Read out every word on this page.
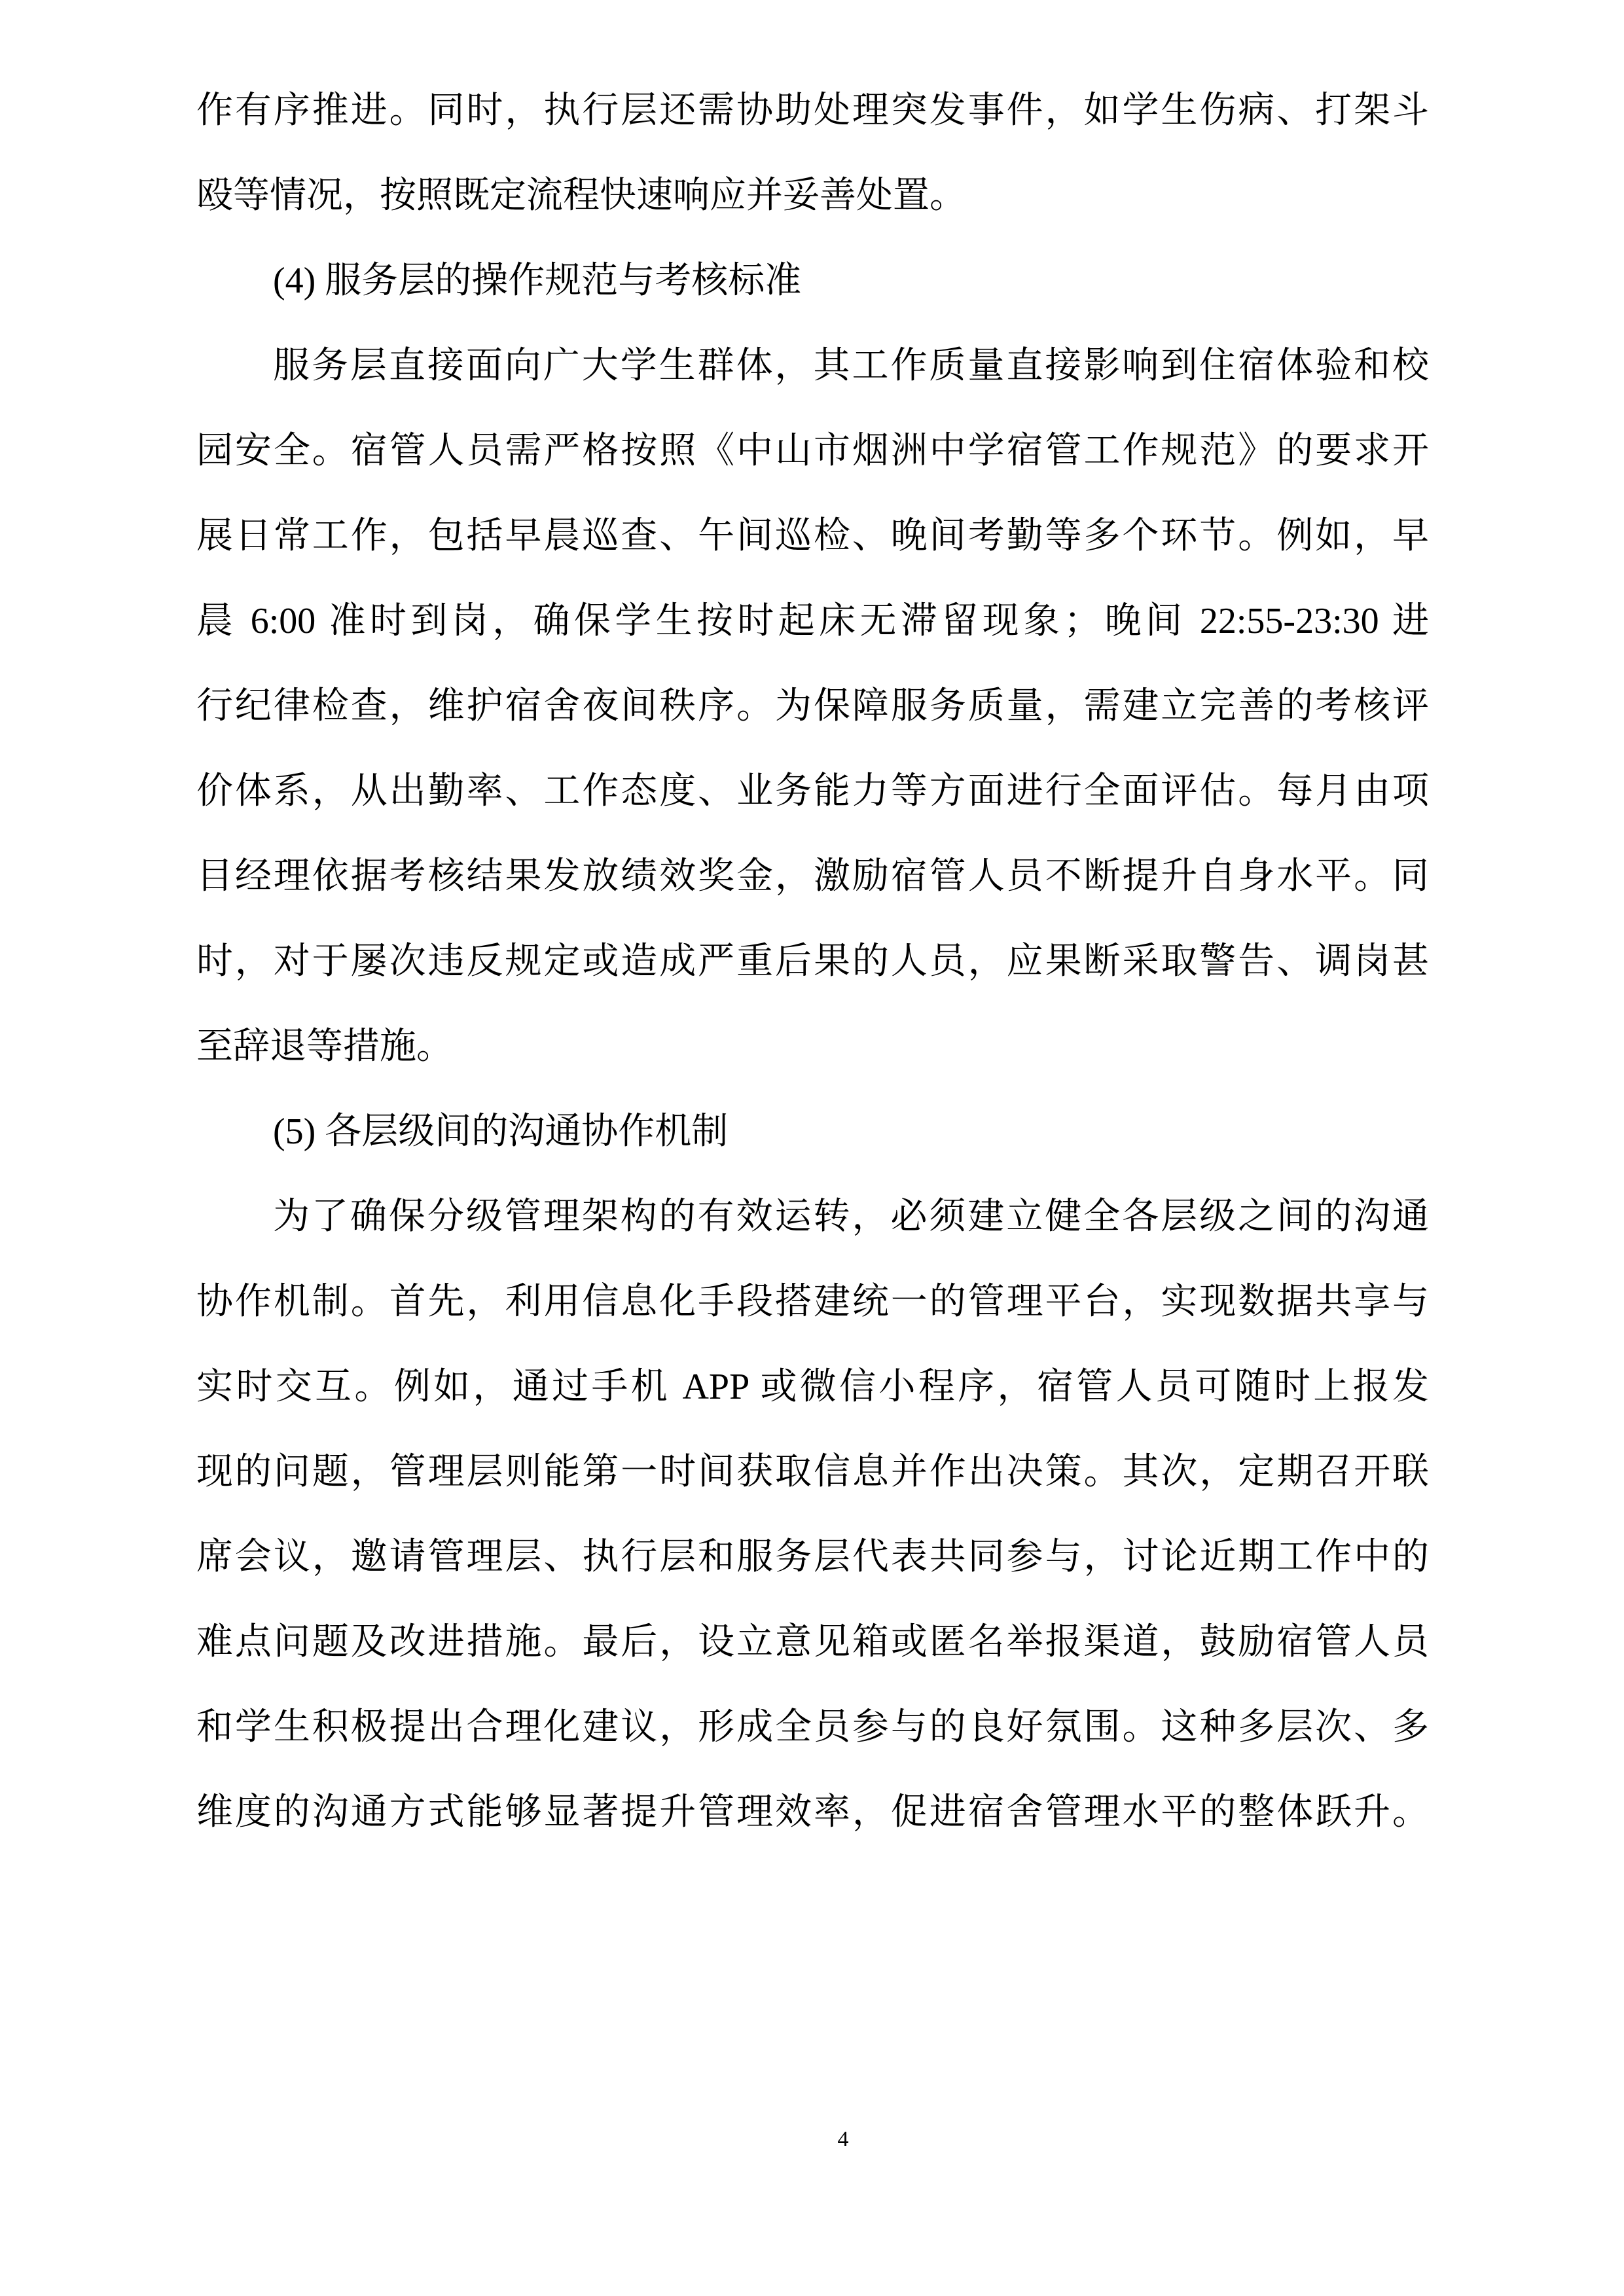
作有序推进。同时，执行层还需协助处理突发事件，如学生伤病、打架斗
殴等情况，按照既定流程快速响应并妥善处置。
(4) 服务层的操作规范与考核标准
服务层直接面向广大学生群体，其工作质量直接影响到住宿体验和校
园安全。宿管人员需严格按照《中山市烟洲中学宿管工作规范》的要求开
展日常工作，包括早晨巡查、午间巡检、晚间考勤等多个环节。例如，早
晨 6:00 准时到岗，确保学生按时起床无滞留现象；晚间 22:55-23:30 进
行纪律检查，维护宿舍夜间秩序。为保障服务质量，需建立完善的考核评
价体系，从出勤率、工作态度、业务能力等方面进行全面评估。每月由项
目经理依据考核结果发放绩效奖金，激励宿管人员不断提升自身水平。同
时，对于屡次违反规定或造成严重后果的人员，应果断采取警告、调岗甚
至辞退等措施。
(5) 各层级间的沟通协作机制
为了确保分级管理架构的有效运转，必须建立健全各层级之间的沟通
协作机制。首先，利用信息化手段搭建统一的管理平台，实现数据共享与
实时交互。例如，通过手机 APP 或微信小程序，宿管人员可随时上报发
现的问题，管理层则能第一时间获取信息并作出决策。其次，定期召开联
席会议，邀请管理层、执行层和服务层代表共同参与，讨论近期工作中的
难点问题及改进措施。最后，设立意见箱或匿名举报渠道，鼓励宿管人员
和学生积极提出合理化建议，形成全员参与的良好氛围。这种多层次、多
维度的沟通方式能够显著提升管理效率，促进宿舍管理水平的整体跃升。
4
